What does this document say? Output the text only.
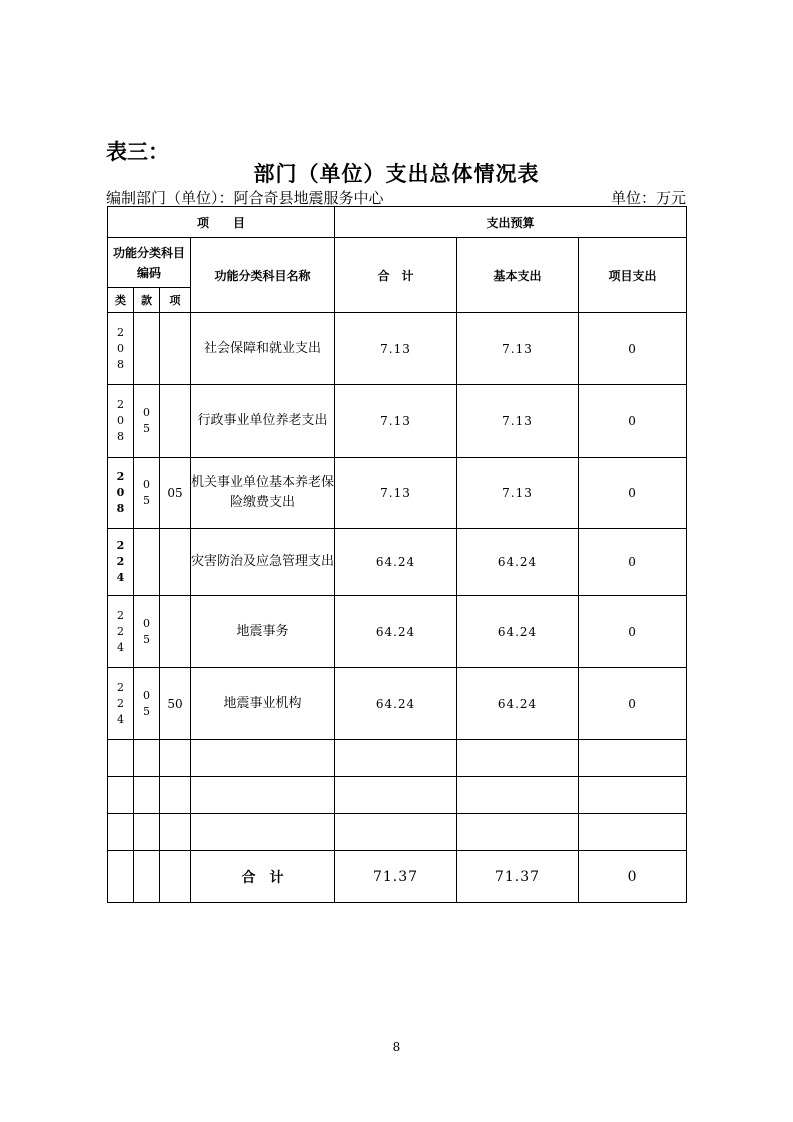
表三：
部门（单位）支出总体情况表
编制部门（单位）：阿合奇县地震服务中心	单位：万元
项　　目				支出预算		
功能分类科目编码			功能分类科目名称	合　计	基本支出	项目支出
类	款	项				

208			社会保障和就业支出	7.13	7.13	0

208	05		行政事业单位养老支出	7.13	7.13	0

208	05	05	机关事业单位基本养老保险缴费支出	7.13	7.13	0

224			灾害防治及应急管理支出	64.24	64.24	0

224	05		地震事务	64.24	64.24	0

224	05	50	地震事业机构	64.24	64.24	0

			合　计	71.37	71.37	0
8
